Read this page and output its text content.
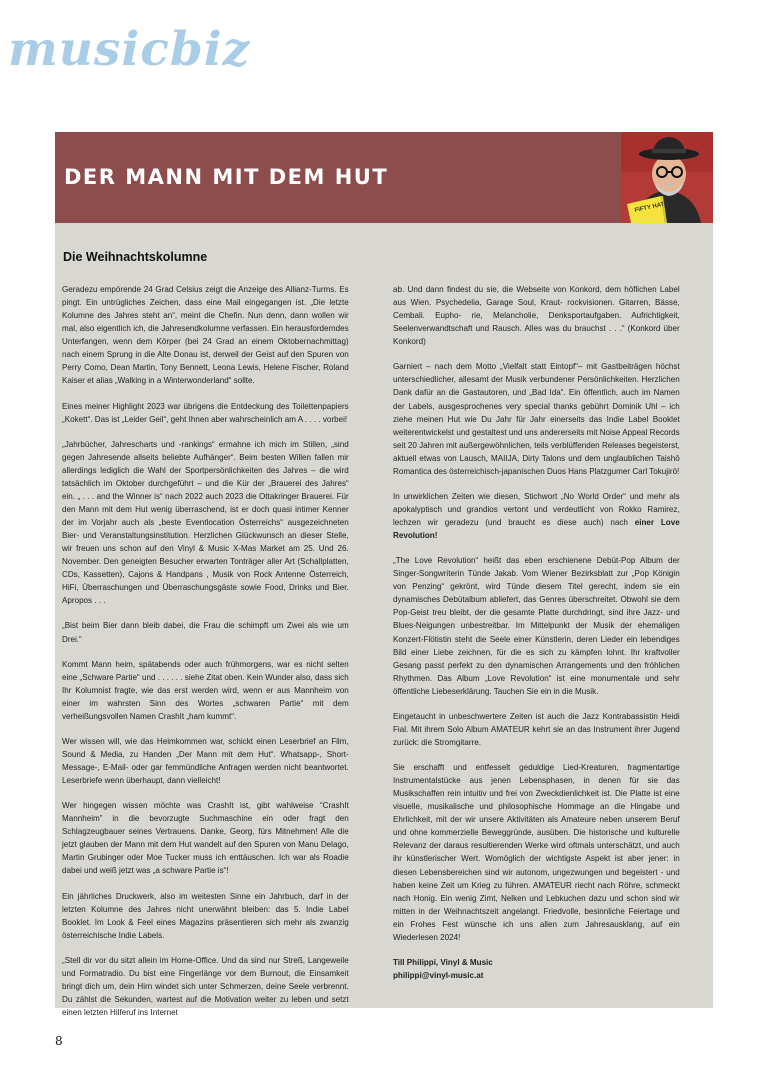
musicbiz
DER MANN MIT DEM HUT
FIFTY HATS
Die Weihnachtskolumne

Geradezu empörende 24 Grad Celsius zeigt die Anzeige des Allianz-Turms. Es pingt. Ein untrügliches Zeichen, dass eine Mail eingegangen ist. „Die letzte Kolumne des Jahres steht an“, meint die Chefin. Nun denn, dann wollen wir mal, also eigentlich ich, die Jahresendkolumne verfassen. Ein herausforderndes Unterfangen, wenn dem Körper (bei 24 Grad an einem Oktobernachmittag) nach einem Sprung in die Alte Donau ist, derweil der Geist auf den Spuren von Perry Como, Dean Martin, Tony Bennett, Leona Lewis, Helene Fischer, Roland Kaiser et alias „Walking in a Winterwonderland“ sollte.

Eines meiner Highlight 2023 war übrigens die Entdeckung des Toilettenpapiers „Kokett“. Das ist „Leider Geil“, geht Ihnen aber wahrscheinlich am A . . . . vorbei!

„Jahrbücher, Jahrescharts und -rankings“ ermahne ich mich im Stillen, „sind gegen Jahresende allseits beliebte Aufhänger“. Beim besten Willen fallen mir allerdings lediglich die Wahl der Sportpersönlichkeiten des Jahres – die wird tatsächlich im Oktober durchgeführt – und die Kür der „Brauerei des Jahres“ ein. „ . . . and the Winner is“ nach 2022 auch 2023 die Ottakringer Brauerei. Für den Mann mit dem Hut wenig überraschend, ist er doch quasi intimer Kenner der im Vorjahr auch als „beste Eventlocation Österreichs“ ausgezeichneten Bier- und Veranstaltungsinstitution. Herzlichen Glückwunsch an dieser Stelle, wir freuen uns schon auf den Vinyl & Music X-Mas Market am 25. Und 26. November. Den geneigten Besucher erwarten Tonträger aller Art (Schallplatten, CDs, Kassetten), Cajons & Handpans , Musik von Rock Antenne Österreich, HiFi, Überraschungen und Überraschungsgäste sowie Food, Drinks und Bier. Apropos . . .

„Bist beim Bier dann bleib dabei, die Frau die schimpft um Zwei als wie um Drei.“

Kommt Mann heim, spätabends oder auch frühmorgens, war es nicht selten eine „Schware Partie“ und . . . . . . siehe Zitat oben. Kein Wunder also, dass sich Ihr Kolumnist fragte, wie das erst werden wird, wenn er aus Mannheim von einer im wahrsten Sinn des Wortes „schwaren Partie“ mit dem verheißungsvollen Namen CrashIt „ham kummt“.

Wer wissen will, wie das Heimkommen war, schickt einen Leserbrief an Film, Sound & Media, zu Handen „Der Mann mit dem Hut“. Whatsapp-, Short-Message-, E-Mail- oder gar femmündliche Anfragen werden nicht beantwortet. Leserbriefe wenn überhaupt, dann vielleicht!

Wer hingegen wissen möchte was CrashIt ist, gibt wahlweise “CrashIt Mannheim” in die bevorzugte Suchmaschine ein oder fragt den Schlagzeugbauer seines Vertrauens. Danke, Georg, fürs Mitnehmen! Alle die jetzt glauben der Mann mit dem Hut wandelt auf den Spuren von Manu Delago, Martin Grubinger oder Moe Tucker muss ich enttäuschen. Ich war als Roadie dabei und weiß jetzt was „a schware Partie is“!

Ein jährliches Druckwerk, also im weitesten Sinne ein Jahrbuch, darf in der letzten Kolumne des Jahres nicht unerwähnt bleiben: das 5. Indie Label Booklet. Im Look & Feel eines Magazins präsentieren sich mehr als zwanzig österreichische Indie Labels.

„Stell dir vor du sitzt allein im Home-Office. Und da sind nur Streß, Langeweile und Formatradio. Du bist eine Fingerlänge vor dem Burnout, die Einsamkeit bringt dich um, dein Hirn windet sich unter Schmerzen, deine Seele verbrennt. Du zählst die Sekunden, wartest auf die Motivation weiter zu leben und setzt einen letzten Hilferuf ins Internet

ab. Und dann findest du sie, die Webseite von Konkord, dem höflichen Label aus Wien. Psychedelia, Garage Soul, Kraut- rockvisionen. Gitarren, Bässe, Cembali. Eupho- rie, Melancholie, Denksportaufgaben. Aufrichtigkeit, Seelenverwandtschaft und Rausch. Alles was du brauchst . . .“ (Konkord über Konkord)

Garniert – nach dem Motto „Vielfalt statt Eintopf“– mit Gastbeiträgen höchst unterschiedlicher, allesamt der Musik verbundener Persönlichkeiten. Herzlichen Dank dafür an die Gastautoren, und „Bad Ida“. Ein öffentlich, auch im Namen der Labels, ausgesprochenes very special thanks gebührt Dominik Uhl – ich ziehe meinen Hut wie Du Jahr für Jahr einerseits das Indie Label Booklet weiterentwickelst und gestaltest und uns andererseits mit Noise Appeal Records seit 20 Jahren mit außergewöhnlichen, teils verblüffenden Releases begeisterst, aktuell etwas von Lausch, MAIIJA, Dirty Talons und dem unglaublichen Taishō Romantica des österreichisch-japanischen Duos Hans Platzgumer Carl Tokujirō!

In unwirklichen Zeiten wie diesen, Stichwort „No World Order“ und mehr als apokalyptisch und grandios vertont und verdeutlicht von Rokko Ramirez, lechzen wir geradezu (und braucht es diese auch) nach einer Love Revolution!

„The Love Revolution“ heißt das eben erschienene Debüt-Pop Album der Singer-Songwriterin Tünde Jakab. Vom Wiener Bezirksblatt zur „Pop Königin von Penzing“ gekrönt, wird Tünde diesem Titel gerecht, indem sie ein dynamisches Debütalbum abliefert, das Genres überschreitet. Obwohl sie dem Pop-Geist treu bleibt, der die gesamte Platte durchdringt, sind ihre Jazz- und Blues-Neigungen unbestreitbar. Im Mittelpunkt der Musik der ehemaligen Konzert-Flötistin steht die Seele einer Künstlerin, deren Lieder ein lebendiges Bild einer Liebe zeichnen, für die es sich zu kämpfen lohnt. Ihr kraftvoller Gesang passt perfekt zu den dynamischen Arrangements und den fröhlichen Rhythmen. Das Album „Love Revolution“ ist eine monumentale und sehr öffentliche Liebeserklärung. Tauchen Sie ein in die Musik.

Eingetaucht in unbeschwertere Zeiten ist auch die Jazz Kontrabassistin Heidi Fial. Mit ihrem Solo Album AMATEUR kehrt sie an das Instrument ihrer Jugend zurück: die Stromgitarre.

Sie erschafft und entfesselt geduldige Lied-Kreaturen, fragmentartige Instrumentalstücke aus jenen Lebensphasen, in denen für sie das Musikschaffen rein intuitiv und frei von Zweckdienlichkeit ist. Die Platte ist eine visuelle, musikalische und philosophische Hommage an die Hingabe und Ehrlichkeit, mit der wir unsere Aktivitäten als Amateure neben unserem Beruf und ohne kommerzielle Beweggründe, ausüben. Die historische und kulturelle Relevanz der daraus resultierenden Werke wird oftmals unterschätzt, und auch ihr künstlerischer Wert. Womöglich der wichtigste Aspekt ist aber jener: in diesen Lebensbereichen sind wir autonom, ungezwungen und begeistert - und haben keine Zeit um Krieg zu führen. AMATEUR riecht nach Röhre, schmeckt nach Honig. Ein wenig Zimt, Nelken und Lebkuchen dazu und schon sind wir mitten in der Weihnachtszeit angelangt. Friedvolle, besinnliche Feiertage und ein Frohes Fest wünsche ich uns allen zum Jahresausklang, auf ein Wiederlesen 2024!

Till Philippi, Vinyl & Music
philippi@vinyl-music.at
8
